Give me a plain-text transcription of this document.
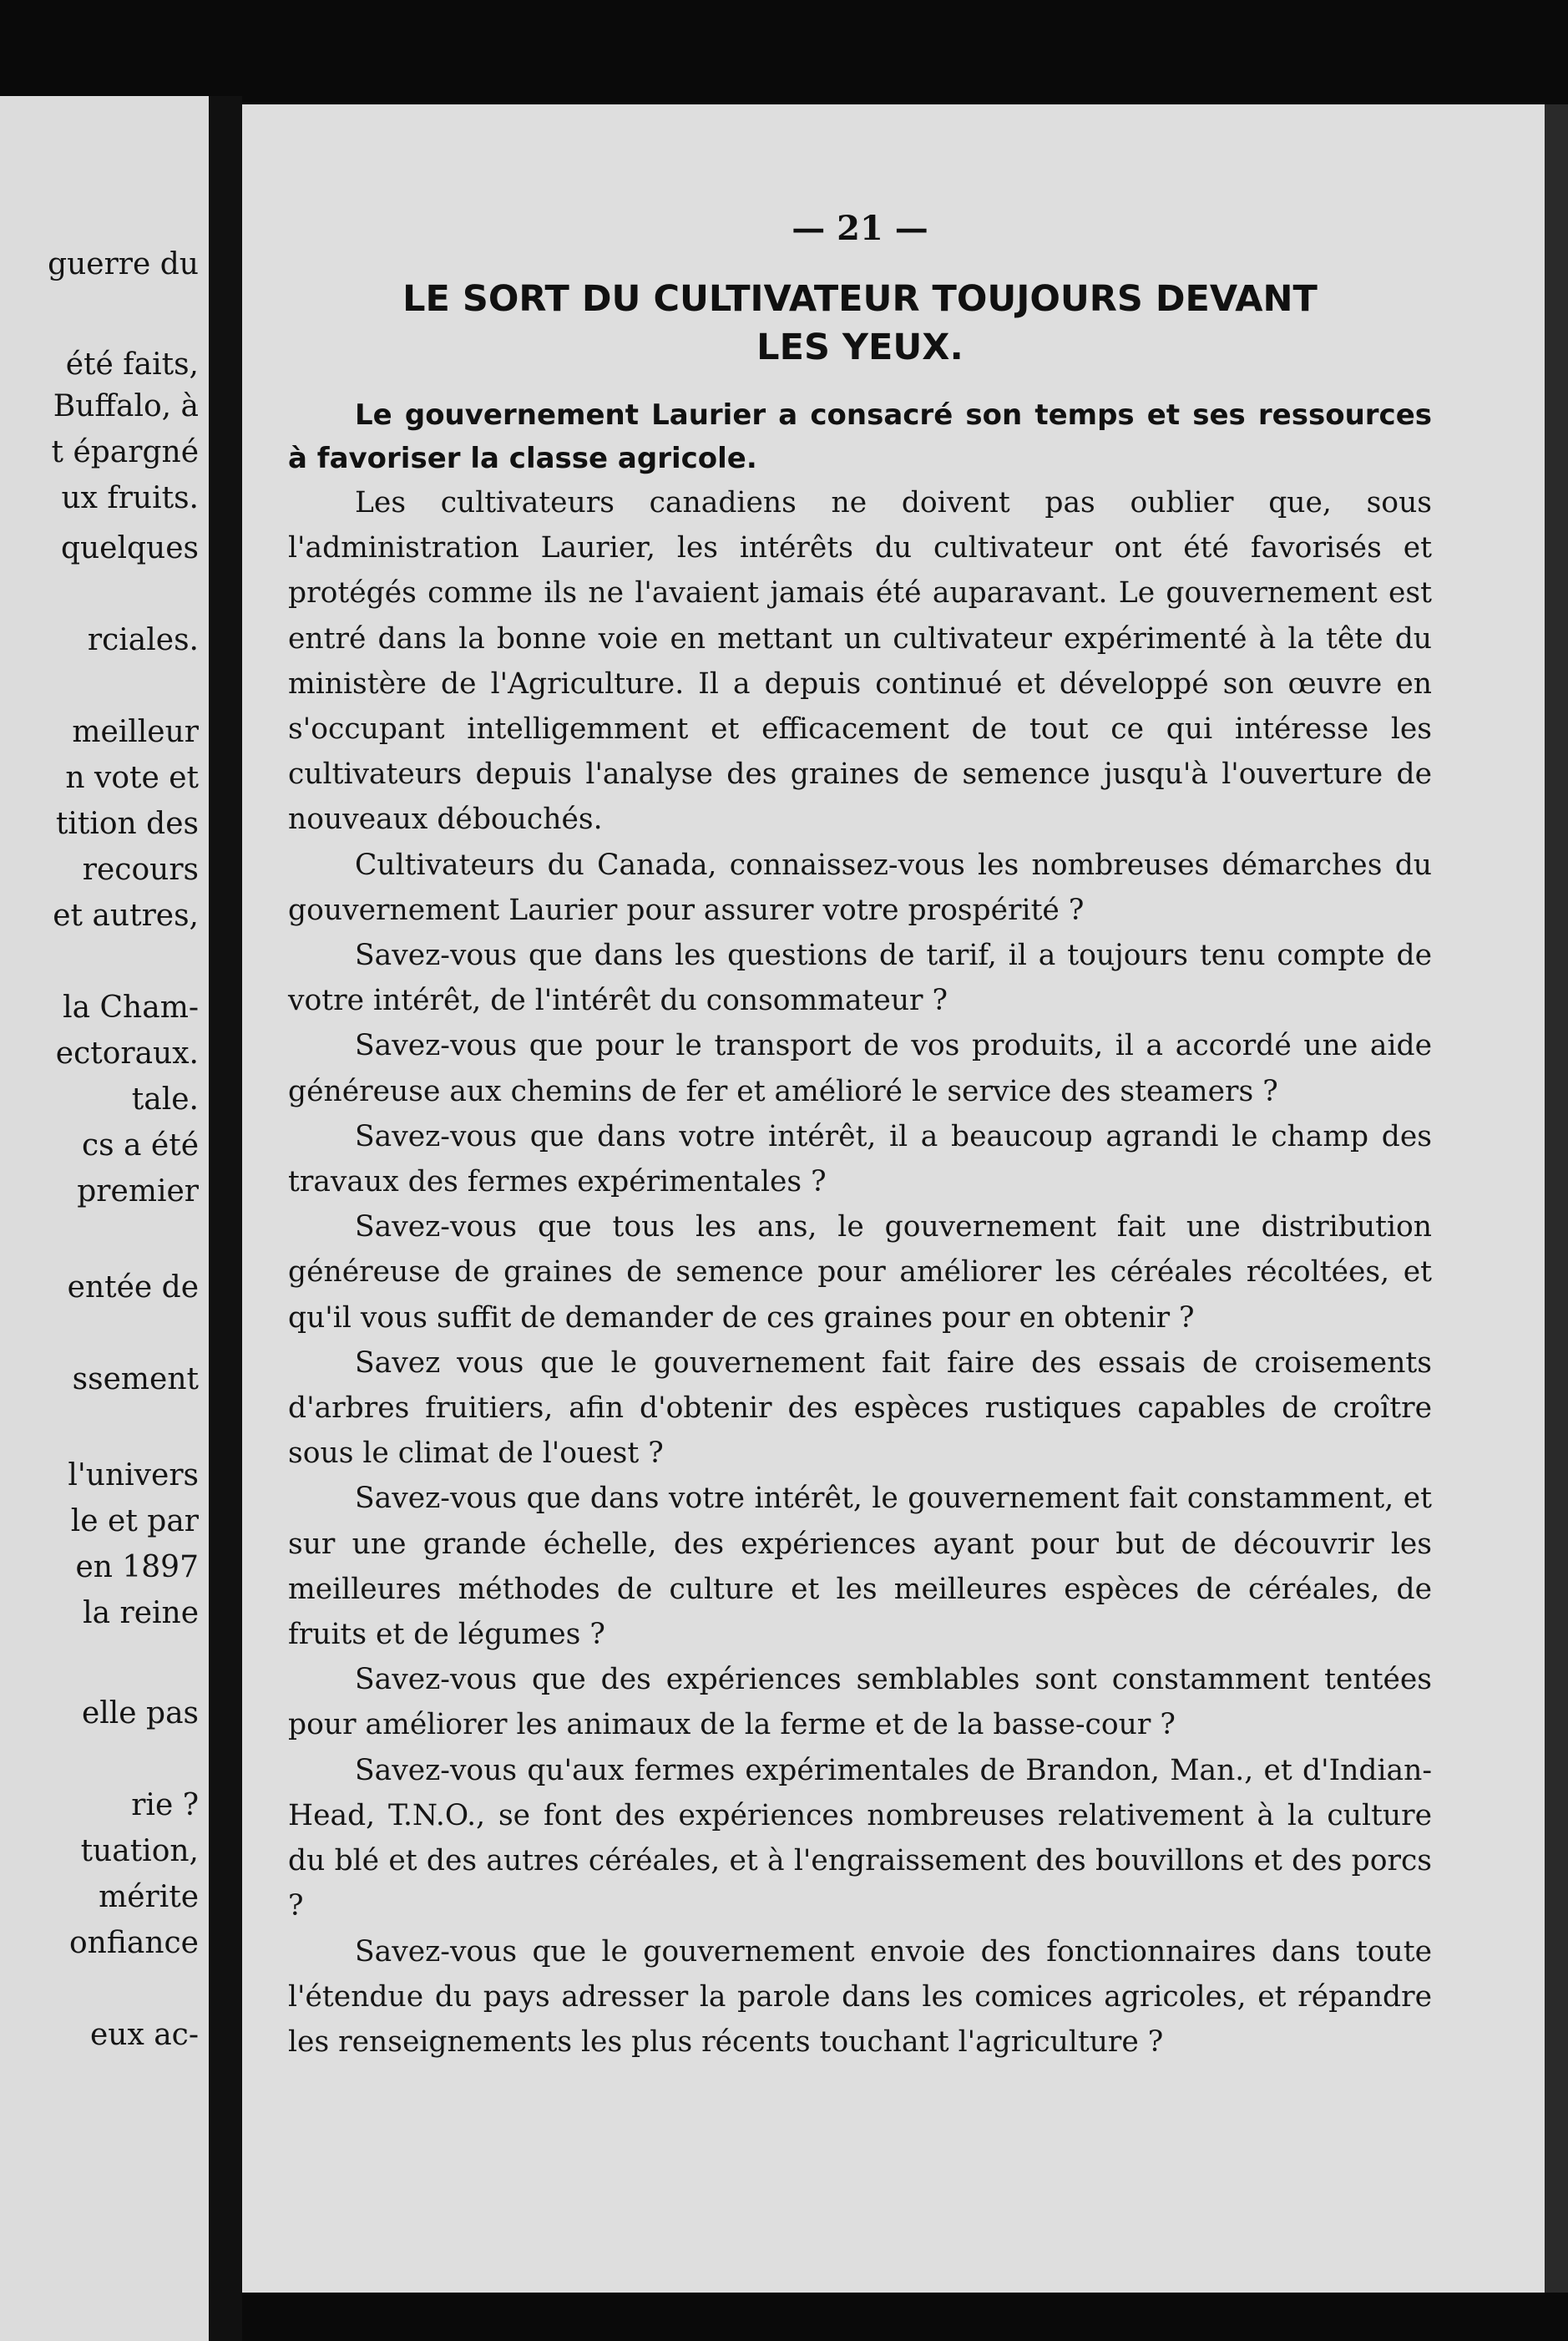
guerre du
été faits,
Buffalo, à
t épargné
ux fruits.
quelques
rciales.
meilleur
n vote et
tition des
recours
et autres,
la Cham-
ectoraux.
tale.
cs a été
premier
entée de
ssement
l'univers
le et par
en 1897
la reine
elle pas
rie ?
tuation,
mérite
onfiance
eux ac-
— 21 —
LE SORT DU CULTIVATEUR TOUJOURS DEVANT
LES YEUX.

Le gouvernement Laurier a consacré son temps et ses ressources à favoriser la classe agricole.

Les cultivateurs canadiens ne doivent pas oublier que, sous l'administration Laurier, les intérêts du cultivateur ont été favorisés et protégés comme ils ne l'avaient jamais été auparavant. Le gouvernement est entré dans la bonne voie en mettant un cultivateur expérimenté à la tête du ministère de l'Agriculture. Il a depuis continué et développé son œuvre en s'occupant intelligemment et efficacement de tout ce qui intéresse les cultivateurs depuis l'analyse des graines de semence jusqu'à l'ouverture de nouveaux débouchés.

Cultivateurs du Canada, connaissez-vous les nombreuses démarches du gouvernement Laurier pour assurer votre prospérité ?

Savez-vous que dans les questions de tarif, il a toujours tenu compte de votre intérêt, de l'intérêt du consommateur ?

Savez-vous que pour le transport de vos produits, il a accordé une aide généreuse aux chemins de fer et amélioré le service des steamers ?

Savez-vous que dans votre intérêt, il a beaucoup agrandi le champ des travaux des fermes expérimentales ?

Savez-vous que tous les ans, le gouvernement fait une distribution généreuse de graines de semence pour améliorer les céréales récoltées, et qu'il vous suffit de demander de ces graines pour en obtenir ?

Savez vous que le gouvernement fait faire des essais de croisements d'arbres fruitiers, afin d'obtenir des espèces rustiques capables de croître sous le climat de l'ouest ?

Savez-vous que dans votre intérêt, le gouvernement fait constamment, et sur une grande échelle, des expériences ayant pour but de découvrir les meilleures méthodes de culture et les meilleures espèces de céréales, de fruits et de légumes ?

Savez-vous que des expériences semblables sont constamment tentées pour améliorer les animaux de la ferme et de la basse-cour ?

Savez-vous qu'aux fermes expérimentales de Brandon, Man., et d'Indian-Head, T.N.O., se font des expériences nombreuses relativement à la culture du blé et des autres céréales, et à l'engraissement des bouvillons et des porcs ?

Savez-vous que le gouvernement envoie des fonctionnaires dans toute l'étendue du pays adresser la parole dans les comices agricoles, et répandre les renseignements les plus récents touchant l'agriculture ?
